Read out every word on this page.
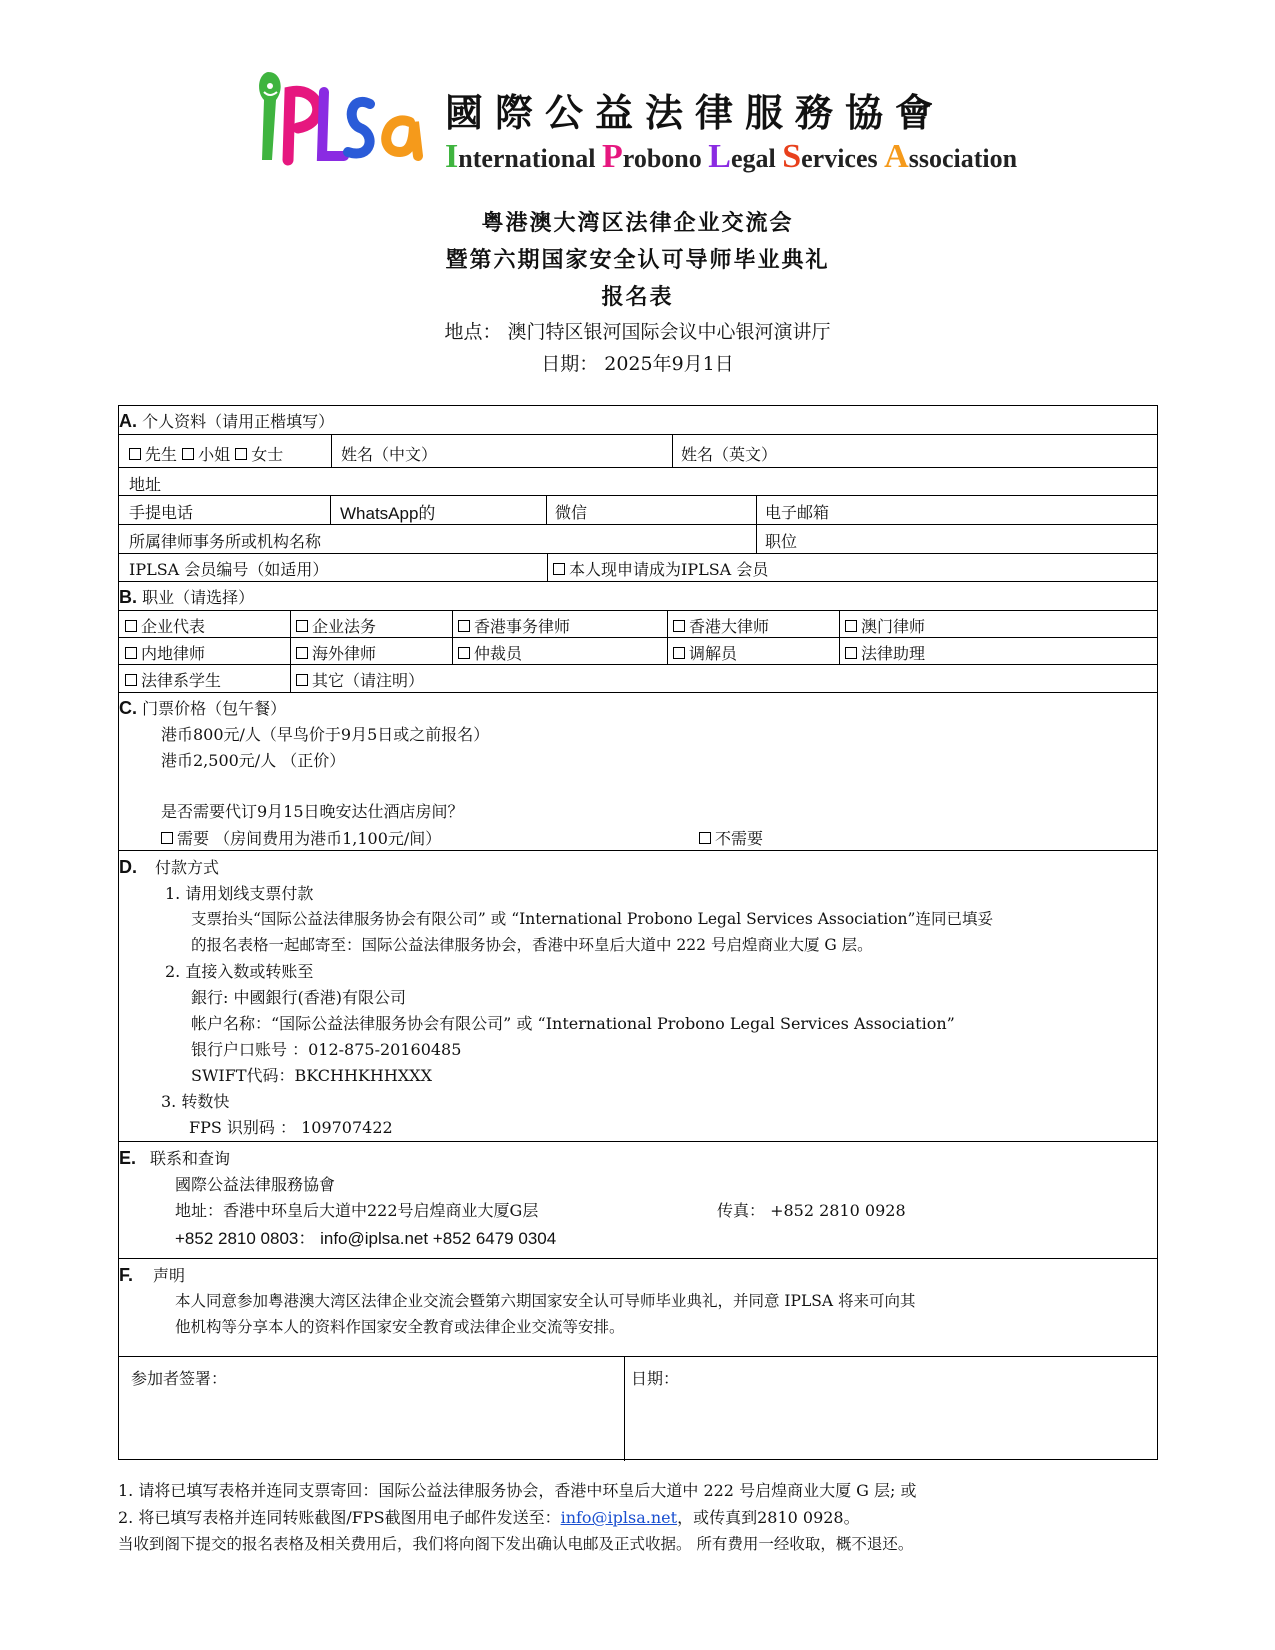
國際公益法律服務協會
International Probono Legal Services Association
粤港澳大湾区法律企业交流会
暨第六期国家安全认可导师毕业典礼
报名表
地点： 澳门特区银河国际会议中心银河演讲厅
日期： 2025年9月1日
A. 个人资料（请用正楷填写）
先生 小姐 女士	姓名（中文）	姓名（英文）
地址
手提电话	WhatsApp的	微信	电子邮箱
所属律师事务所或机构名称	职位
IPLSA 会员编号（如适用）	本人现申请成为IPLSA 会员
B. 职业（请选择）
企业代表	企业法务	香港事务律师	香港大律师	澳门律师
内地律师	海外律师	仲裁员	调解员	法律助理
法律系学生	其它（请注明）
C. 门票价格（包午餐）
港币800元/人（早鸟价于9月5日或之前报名）
港币2,500元/人 （正价）
是否需要代订9月15日晚安达仕酒店房间？
需要 （房间费用为港币1,100元/间）	不需要
D. 付款方式
1. 请用划线支票付款
支票抬头“国际公益法律服务协会有限公司” 或 “International Probono Legal Services Association”连同已填妥
的报名表格一起邮寄至：国际公益法律服务协会，香港中环皇后大道中 222 号启煌商业大厦 G 层。
2. 直接入数或转账至
銀行: 中國銀行(香港)有限公司
帐户名称：“国际公益法律服务协会有限公司” 或 “International Probono Legal Services Association”
银行户口账号 ：012-875-20160485
SWIFT代码：BKCHHKHHXXX
3. 转数快
FPS 识别码 ： 109707422
E. 联系和查询
國際公益法律服務協會
地址：香港中环皇后大道中222号启煌商业大厦G层	传真： +852 2810 0928
+852 2810 0803： info@iplsa.net +852 6479 0304
F. 声明
本人同意参加粤港澳大湾区法律企业交流会暨第六期国家安全认可导师毕业典礼，并同意 IPLSA 将来可向其
他机构等分享本人的资料作国家安全教育或法律企业交流等安排。
参加者签署：	日期：
1. 请将已填写表格并连同支票寄回：国际公益法律服务协会，香港中环皇后大道中 222 号启煌商业大厦 G 层; 或
2. 将已填写表格并连同转账截图/FPS截图用电子邮件发送至：info@iplsa.net，或传真到2810 0928。
当收到阁下提交的报名表格及相关费用后，我们将向阁下发出确认电邮及正式收据。 所有费用一经收取，概不退还。
